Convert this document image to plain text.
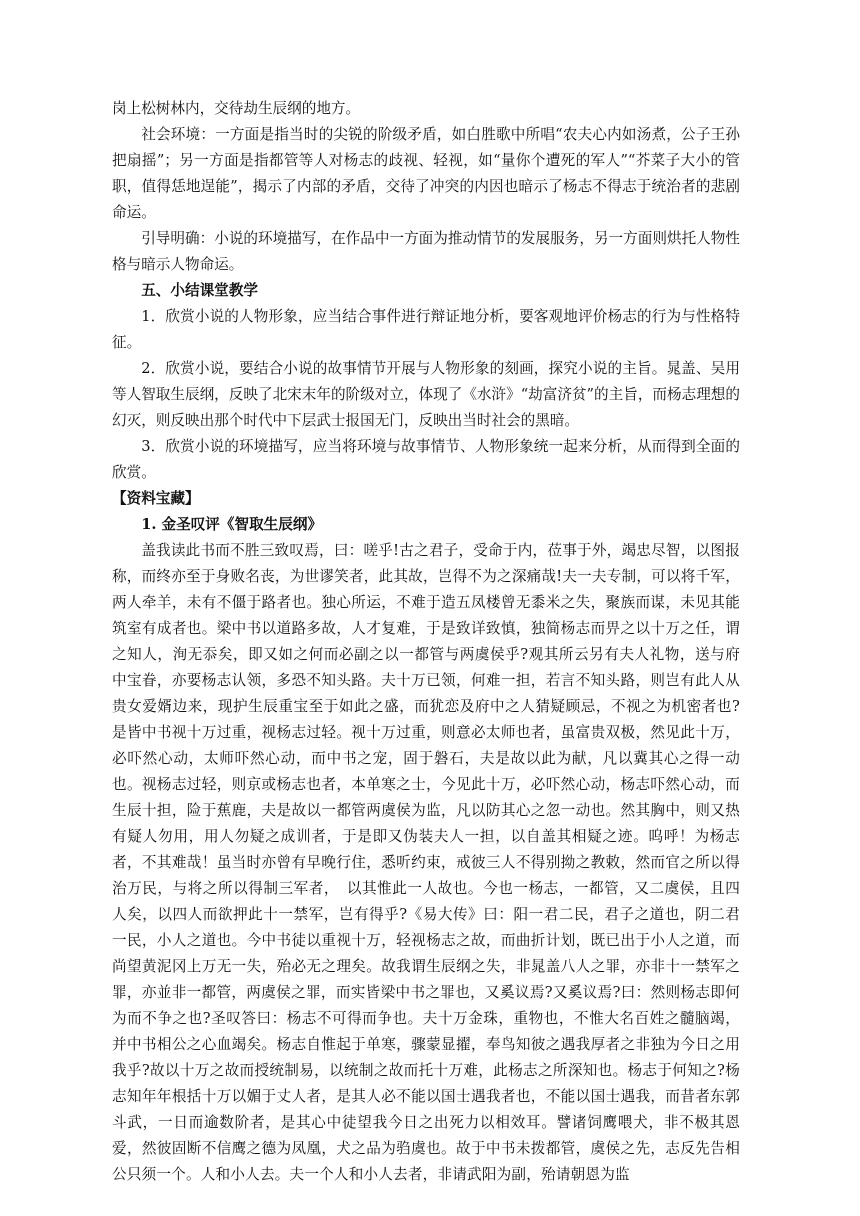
岗上松树林内，交待劫生辰纲的地方。

社会环境：一方面是指当时的尖锐的阶级矛盾，如白胜歌中所唱“农夫心内如汤煮，公子王孙把扇摇”；另一方面是指都管等人对杨志的歧视、轻视，如“量你个遭死的军人”“芥菜子大小的管职，值得恁地逞能”，揭示了内部的矛盾，交待了冲突的内因也暗示了杨志不得志于统治者的悲剧命运。

引导明确：小说的环境描写，在作品中一方面为推动情节的发展服务，另一方面则烘托人物性格与暗示人物命运。

五、小结课堂教学

1．欣赏小说的人物形象，应当结合事件进行辩证地分析，要客观地评价杨志的行为与性格特征。

2．欣赏小说，要结合小说的故事情节开展与人物形象的刻画，探究小说的主旨。晁盖、吴用等人智取生辰纲，反映了北宋末年的阶级对立，体现了《水浒》“劫富济贫”的主旨，而杨志理想的幻灭，则反映出那个时代中下层武士报国无门，反映出当时社会的黑暗。

3．欣赏小说的环境描写，应当将环境与故事情节、人物形象统一起来分析，从而得到全面的欣赏。

【资料宝藏】

1. 金圣叹评《智取生辰纲》

盖我读此书而不胜三致叹焉，曰：嗟乎!古之君子，受命于内，莅事于外，竭忠尽智，以图报称，而终亦至于身败名丧，为世谬笑者，此其故，岂得不为之深痛哉!夫一夫专制，可以将千军，两人牵羊，未有不僵于路者也。独心所运，不难于造五凤楼曾无黍米之失，聚族而谋，未见其能筑室有成者也。梁中书以道路多故，人才复难，于是致详致慎，独简杨志而畀之以十万之任，谓之知人，洵无忝矣，即又如之何而必副之以一都管与两虞侯乎?观其所云另有夫人礼物，送与府中宝眷，亦要杨志认领，多恐不知头路。夫十万已领，何难一担，若言不知头路，则岂有此人从贵女爱婿边来，现护生辰重宝至于如此之盛，而犹恋及府中之人猜疑顾忌，不视之为机密者也?是皆中书视十万过重，视杨志过轻。视十万过重，则意必太师也者，虽富贵双极，然见此十万，必吓然心动，太师吓然心动，而中书之宠，固于磐石，夫是故以此为献，凡以冀其心之得一动也。视杨志过轻，则京或杨志也者，本单寒之士，今见此十万，必吓然心动，杨志吓然心动，而生辰十担，险于蕉鹿，夫是故以一都管两虞侯为监，凡以防其心之忽一动也。然其胸中，则又热有疑人勿用，用人勿疑之成训者，于是即又伪装夫人一担，以自盖其相疑之迹。呜呼！为杨志者，不其难哉！虽当时亦曾有早晚行住，悉听约束，戒彼三人不得别拗之教敕，然而官之所以得治万民，与将之所以得制三军者，　以其惟此一人故也。今也一杨志，一都管，又二虞侯，且四人矣，以四人而欲押此十一禁军，岂有得乎?《易大传》曰：阳一君二民，君子之道也，阴二君一民，小人之道也。今中书徒以重视十万，轻视杨志之故，而曲折计划，既已出于小人之道，而尚望黄泥冈上万无一失，殆必无之理矣。故我谓生辰纲之失，非晁盖八人之罪，亦非十一禁军之罪，亦並非一都管，两虞侯之罪，而实皆梁中书之罪也，又奚议焉?又奚议焉?曰：然则杨志即何为而不争之也?圣叹答曰：杨志不可得而争也。夫十万金珠，重物也，不惟大名百姓之髓脑竭，并中书相公之心血竭矣。杨志自惟起于单寒，骤蒙显擢，奉鸟知彼之遇我厚者之非独为今日之用我乎?故以十万之故而授统制易，以统制之故而托十万难，此杨志之所深知也。杨志于何知之?杨志知年年根括十万以媚于丈人者，是其人必不能以国士遇我者也，不能以国士遇我，而昔者东郭斗武，一日而逾数阶者，是其心中徒望我今日之出死力以相效耳。譬诸饲鹰喂犬，非不极其恩爱，然彼固断不信鹰之德为凤凰，犬之品为驺虞也。故于中书未拨都管，虞侯之先，志反先告相公只须一个。人和小人去。夫一个人和小人去者，非请武阳为副，殆请朝恩为监
